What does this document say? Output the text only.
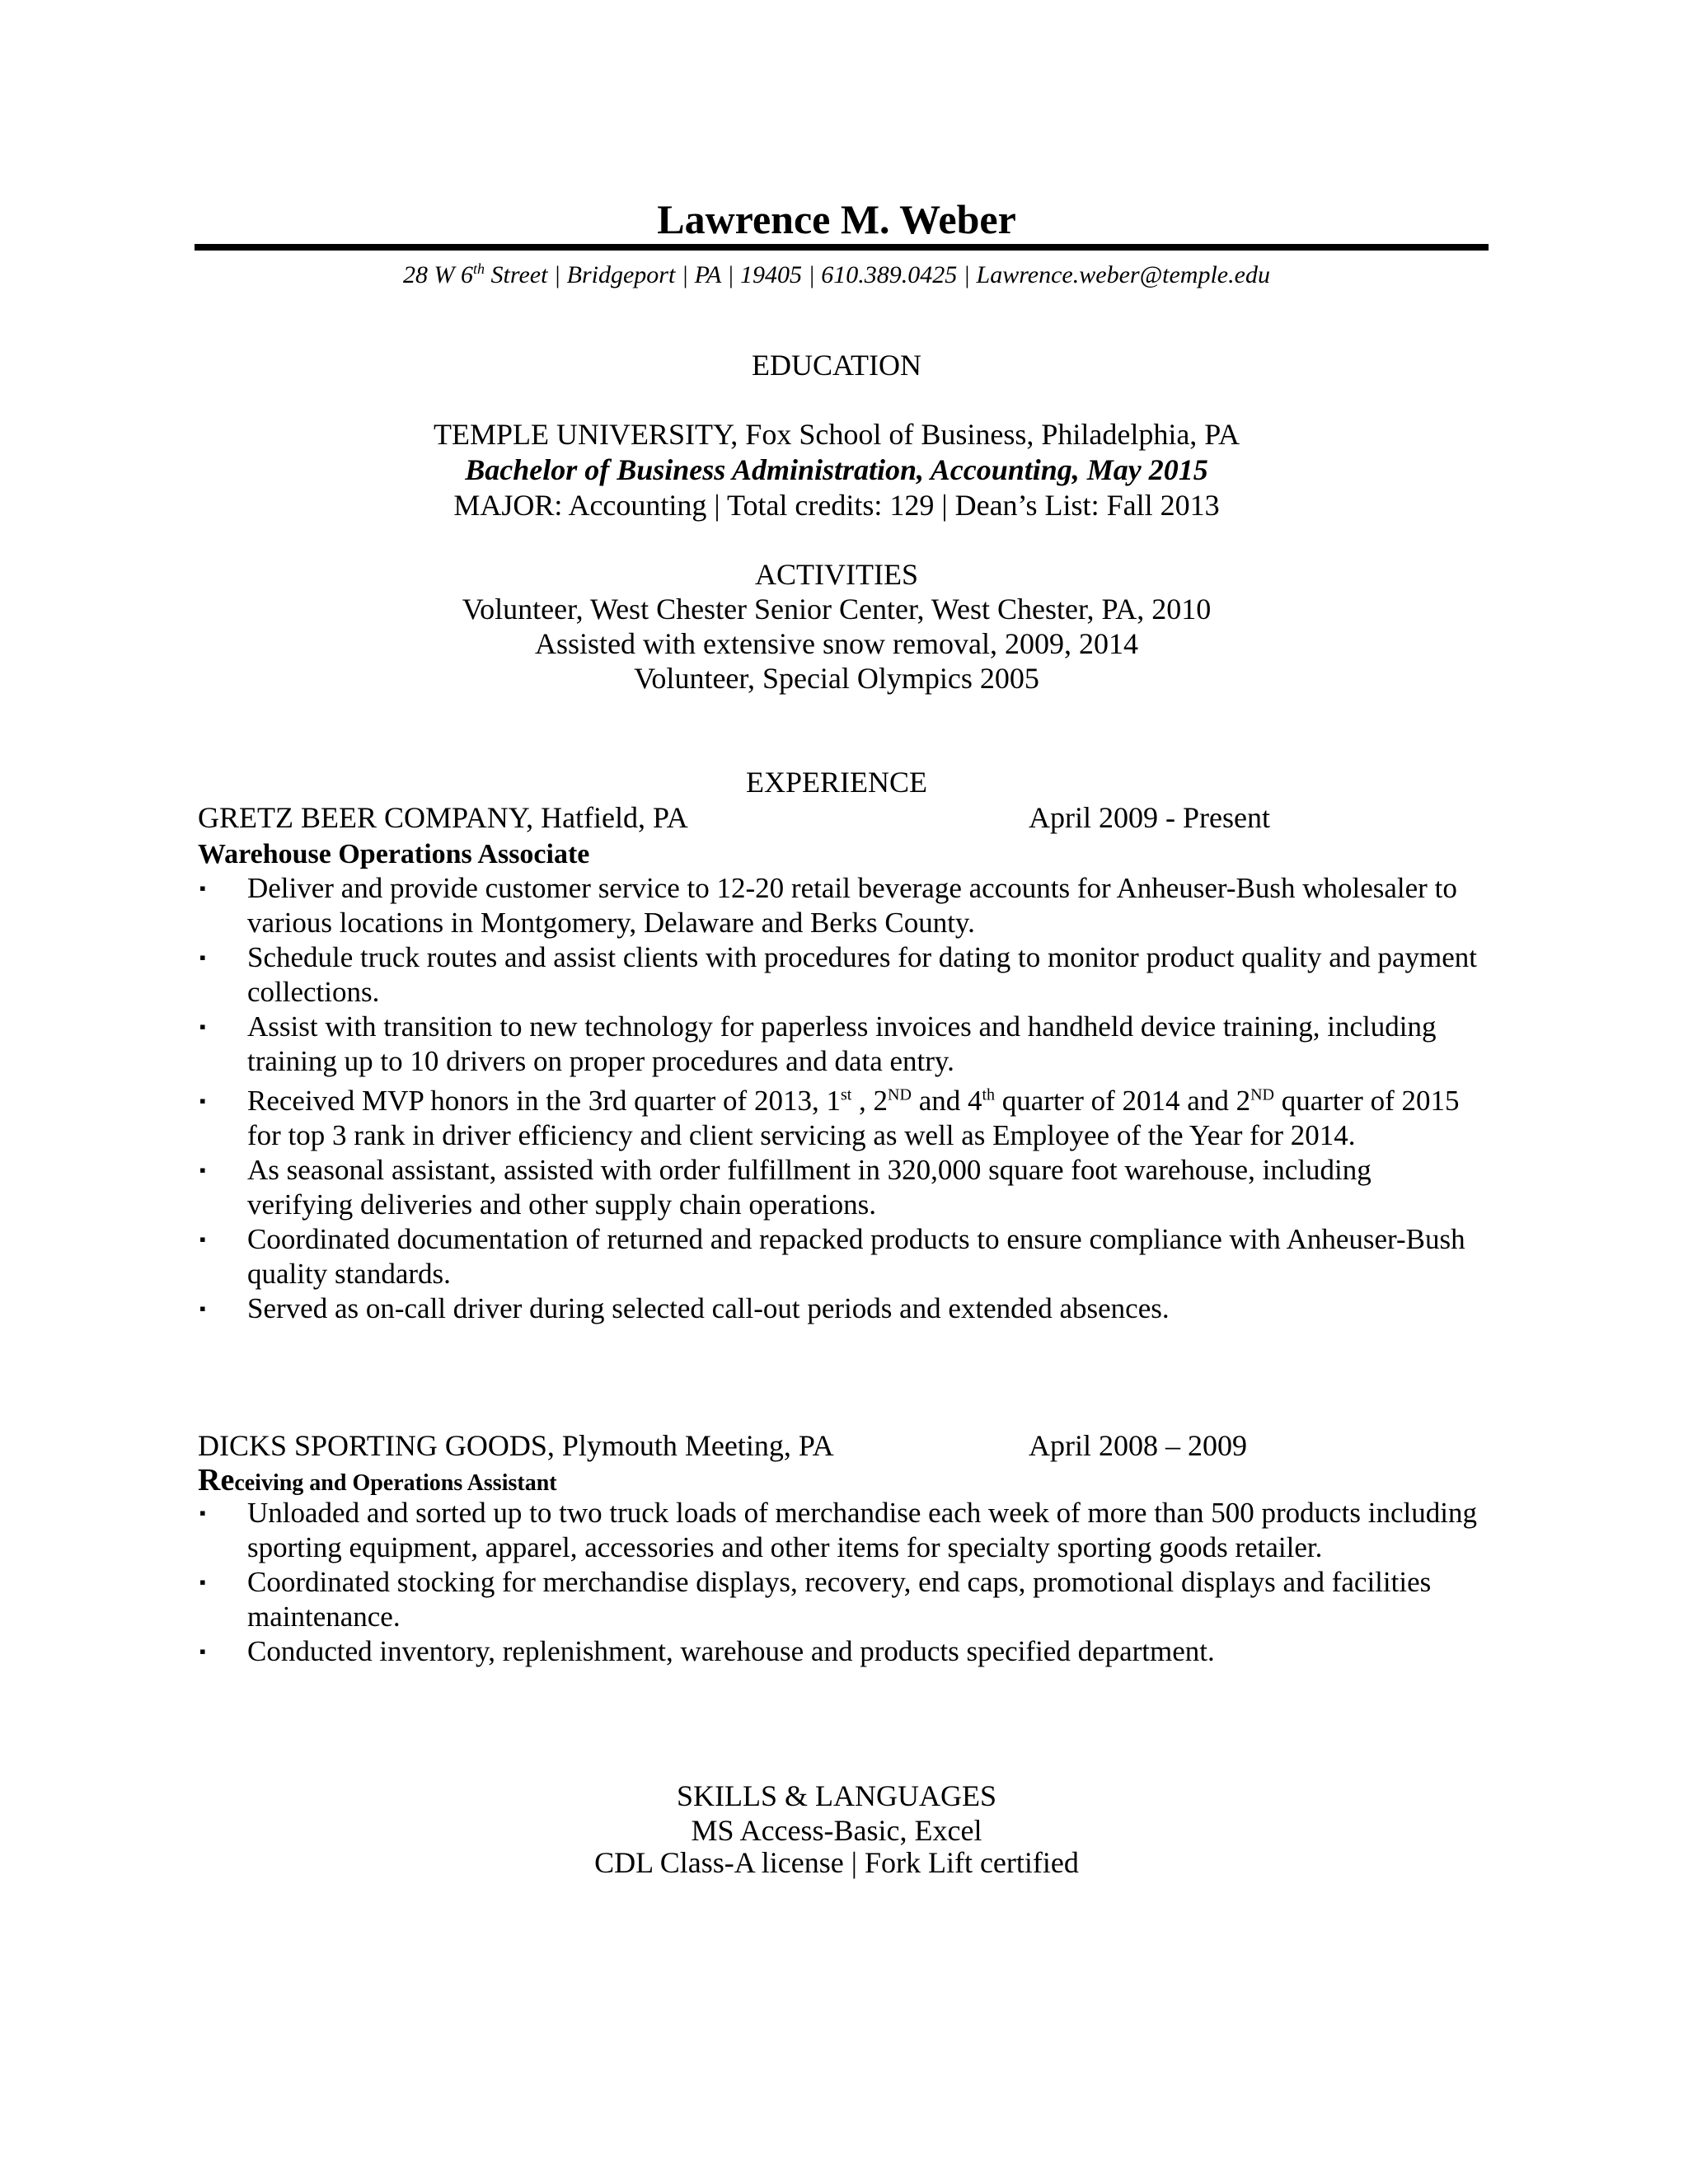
Lawrence M. Weber
28 W 6th Street | Bridgeport | PA | 19405 | 610.389.0425 | Lawrence.weber@temple.edu
EDUCATION
TEMPLE UNIVERSITY, Fox School of Business, Philadelphia, PA
Bachelor of Business Administration, Accounting, May 2015
MAJOR: Accounting | Total credits: 129 | Dean’s List: Fall 2013
ACTIVITIES
Volunteer, West Chester Senior Center, West Chester, PA, 2010
Assisted with extensive snow removal, 2009, 2014
Volunteer, Special Olympics 2005
EXPERIENCE
GRETZ BEER COMPANY, Hatfield, PA	April 2009 - Present
Warehouse Operations Associate
▪ Deliver and provide customer service to 12-20 retail beverage accounts for Anheuser-Bush wholesaler to various locations in Montgomery, Delaware and Berks County.
▪ Schedule truck routes and assist clients with procedures for dating to monitor product quality and payment collections.
▪ Assist with transition to new technology for paperless invoices and handheld device training, including training up to 10 drivers on proper procedures and data entry.
▪ Received MVP honors in the 3rd quarter of 2013, 1st , 2ND and 4th quarter of 2014 and 2ND quarter of 2015 for top 3 rank in driver efficiency and client servicing as well as Employee of the Year for 2014.
▪ As seasonal assistant, assisted with order fulfillment in 320,000 square foot warehouse, including verifying deliveries and other supply chain operations.
▪ Coordinated documentation of returned and repacked products to ensure compliance with Anheuser-Bush quality standards.
▪ Served as on-call driver during selected call-out periods and extended absences.
DICKS SPORTING GOODS, Plymouth Meeting, PA	April 2008 – 2009
Receiving and Operations Assistant
▪ Unloaded and sorted up to two truck loads of merchandise each week of more than 500 products including sporting equipment, apparel, accessories and other items for specialty sporting goods retailer.
▪ Coordinated stocking for merchandise displays, recovery, end caps, promotional displays and facilities maintenance.
▪ Conducted inventory, replenishment, warehouse and products specified department.
SKILLS & LANGUAGES
MS Access-Basic, Excel
CDL Class-A license | Fork Lift certified
